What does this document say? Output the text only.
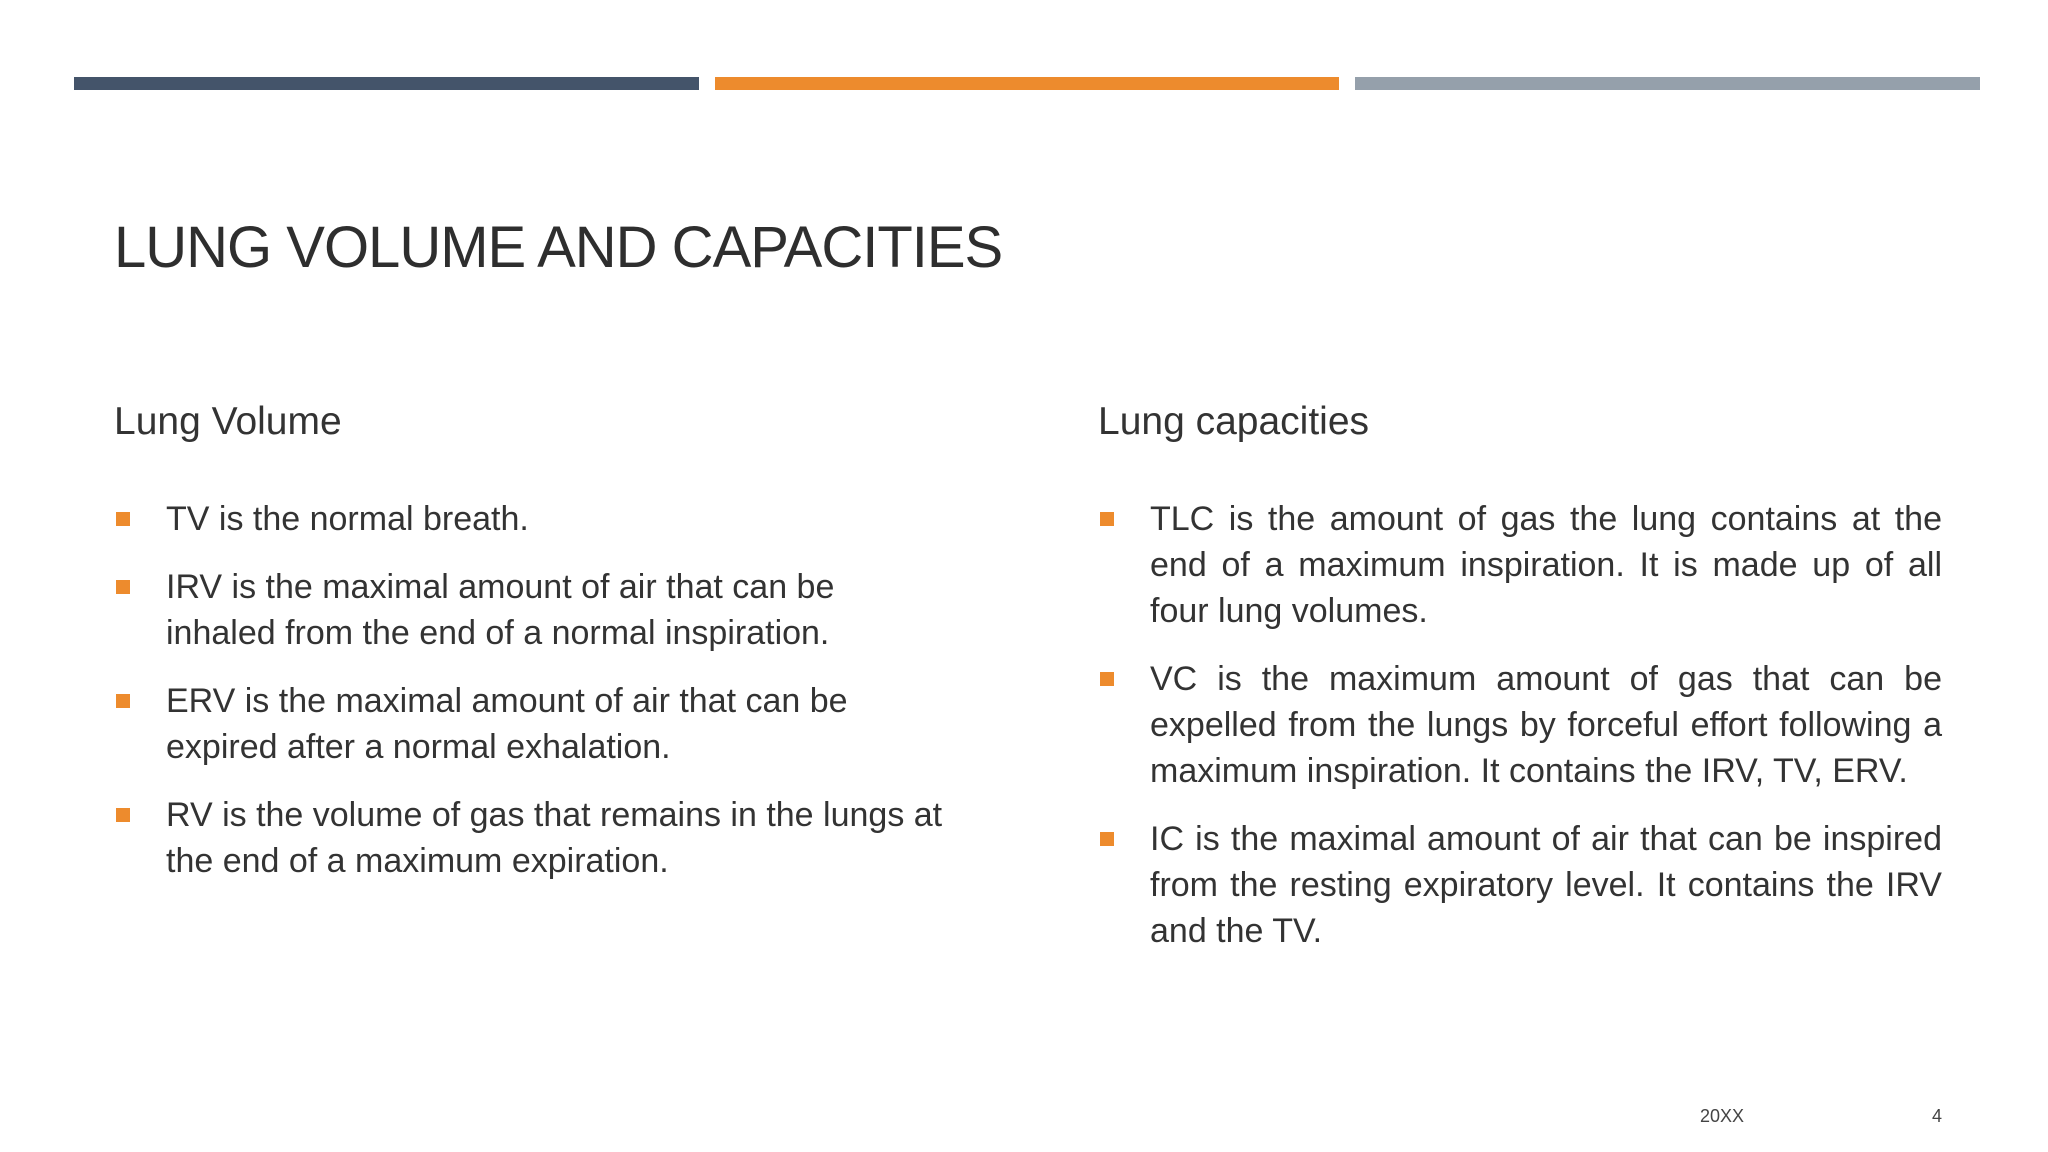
LUNG VOLUME AND CAPACITIES
Lung Volume
TV is the normal breath.
IRV is the maximal amount of air that can be inhaled from the end of a normal inspiration.
ERV is the maximal amount of air that can be expired after a normal exhalation.
RV is the volume of gas that remains in the lungs at the end of a maximum expiration.
Lung capacities
TLC is the amount of gas the lung contains at the end of a maximum inspiration. It is made up of all four lung volumes.
VC is the maximum amount of gas that can be expelled from the lungs by forceful effort following a maximum inspiration. It contains the IRV, TV, ERV.
IC is the maximal amount of air that can be inspired from the resting expiratory level. It contains the IRV and the TV.
20XX	4
